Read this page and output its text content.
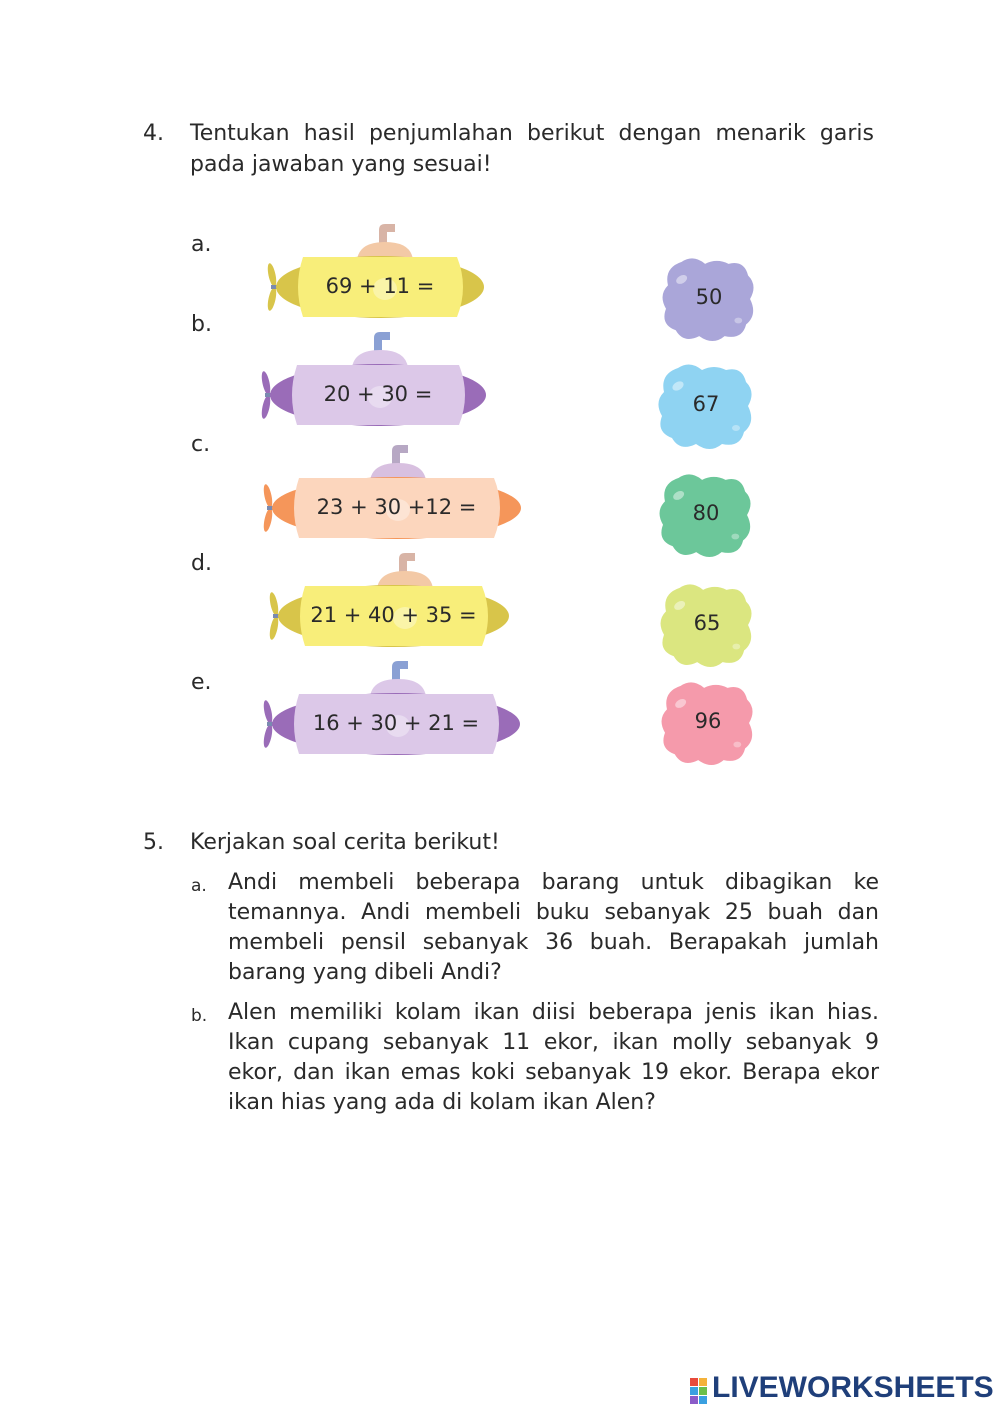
4. Tentukan hasil penjumlahan berikut dengan menarik garis pada jawaban yang sesuai!
a.
69 + 11 =
b.
20 + 30 =
c.
23 + 30 +12 =
d.
21 + 40 + 35 =
e.
16 + 30 + 21 =
50
67
80
65
96
5. Kerjakan soal cerita berikut!
a. Andi membeli beberapa barang untuk dibagikan ke temannya. Andi membeli buku sebanyak 25 buah dan membeli pensil sebanyak 36 buah. Berapakah jumlah barang yang dibeli Andi?
b. Alen memiliki kolam ikan diisi beberapa jenis ikan hias. Ikan cupang sebanyak 11 ekor, ikan molly sebanyak 9 ekor, dan ikan emas koki sebanyak 19 ekor. Berapa ekor ikan hias yang ada di kolam ikan Alen?
LIVEWORKSHEETS
